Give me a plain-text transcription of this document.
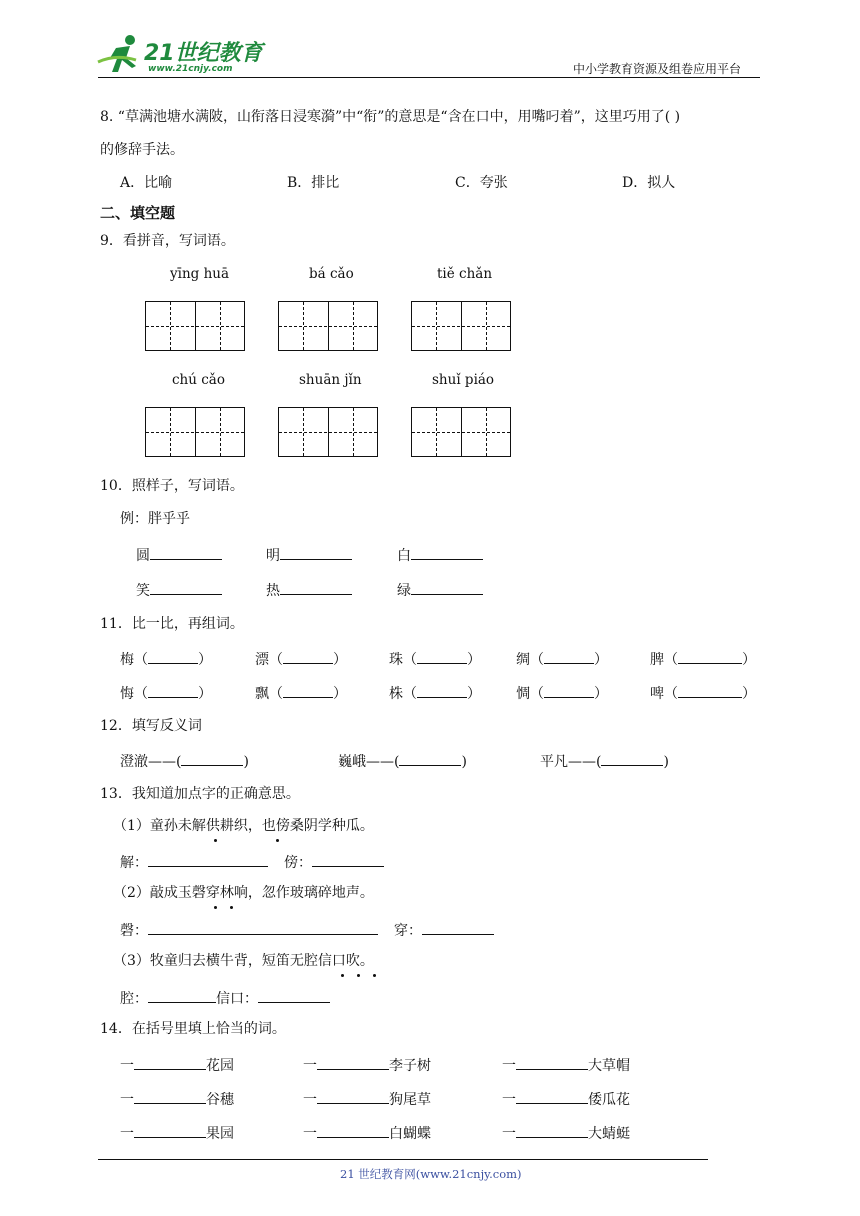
21世纪教育
www.21cnjy.com	中小学教育资源及组卷应用平台
8. “草满池塘水满陂，山衔落日浸寒漪”中“衔”的意思是“含在口中，用嘴叼着”，这里巧用了( )
的修辞手法。
A．比喻	B．排比	C．夸张	D．拟人
二、填空题
9．看拼音，写词语。
yīng huā	bá cǎo	tiě chǎn
chú cǎo	shuān jǐn	shuǐ piáo
10．照样子，写词语。
例：胖乎乎
圆	明	白
笑	热	绿
11．比一比，再组词。
梅（	）	漂（	）	珠（	）	绸（	）	脾（	）
悔（	）	飘（	）	株（	）	惆（	）	啤（	）
12．填写反义词
澄澈——(	)	巍峨——(	)	平凡——(	)
13．我知道加点字的正确意思。
（1）童孙未解供耕织，也傍桑阴学种瓜。
解：	傍：
（2）敲成玉磬穿林响，忽作玻璃碎地声。
磬：	穿：
（3）牧童归去横牛背，短笛无腔信口吹。
腔：	信口：
14．在括号里填上恰当的词。
一	花园	一	李子树	一	大草帽
一	谷穗	一	狗尾草	一	倭瓜花
一	果园	一	白蝴蝶	一	大蜻蜓
21 世纪教育网(www.21cnjy.com)
